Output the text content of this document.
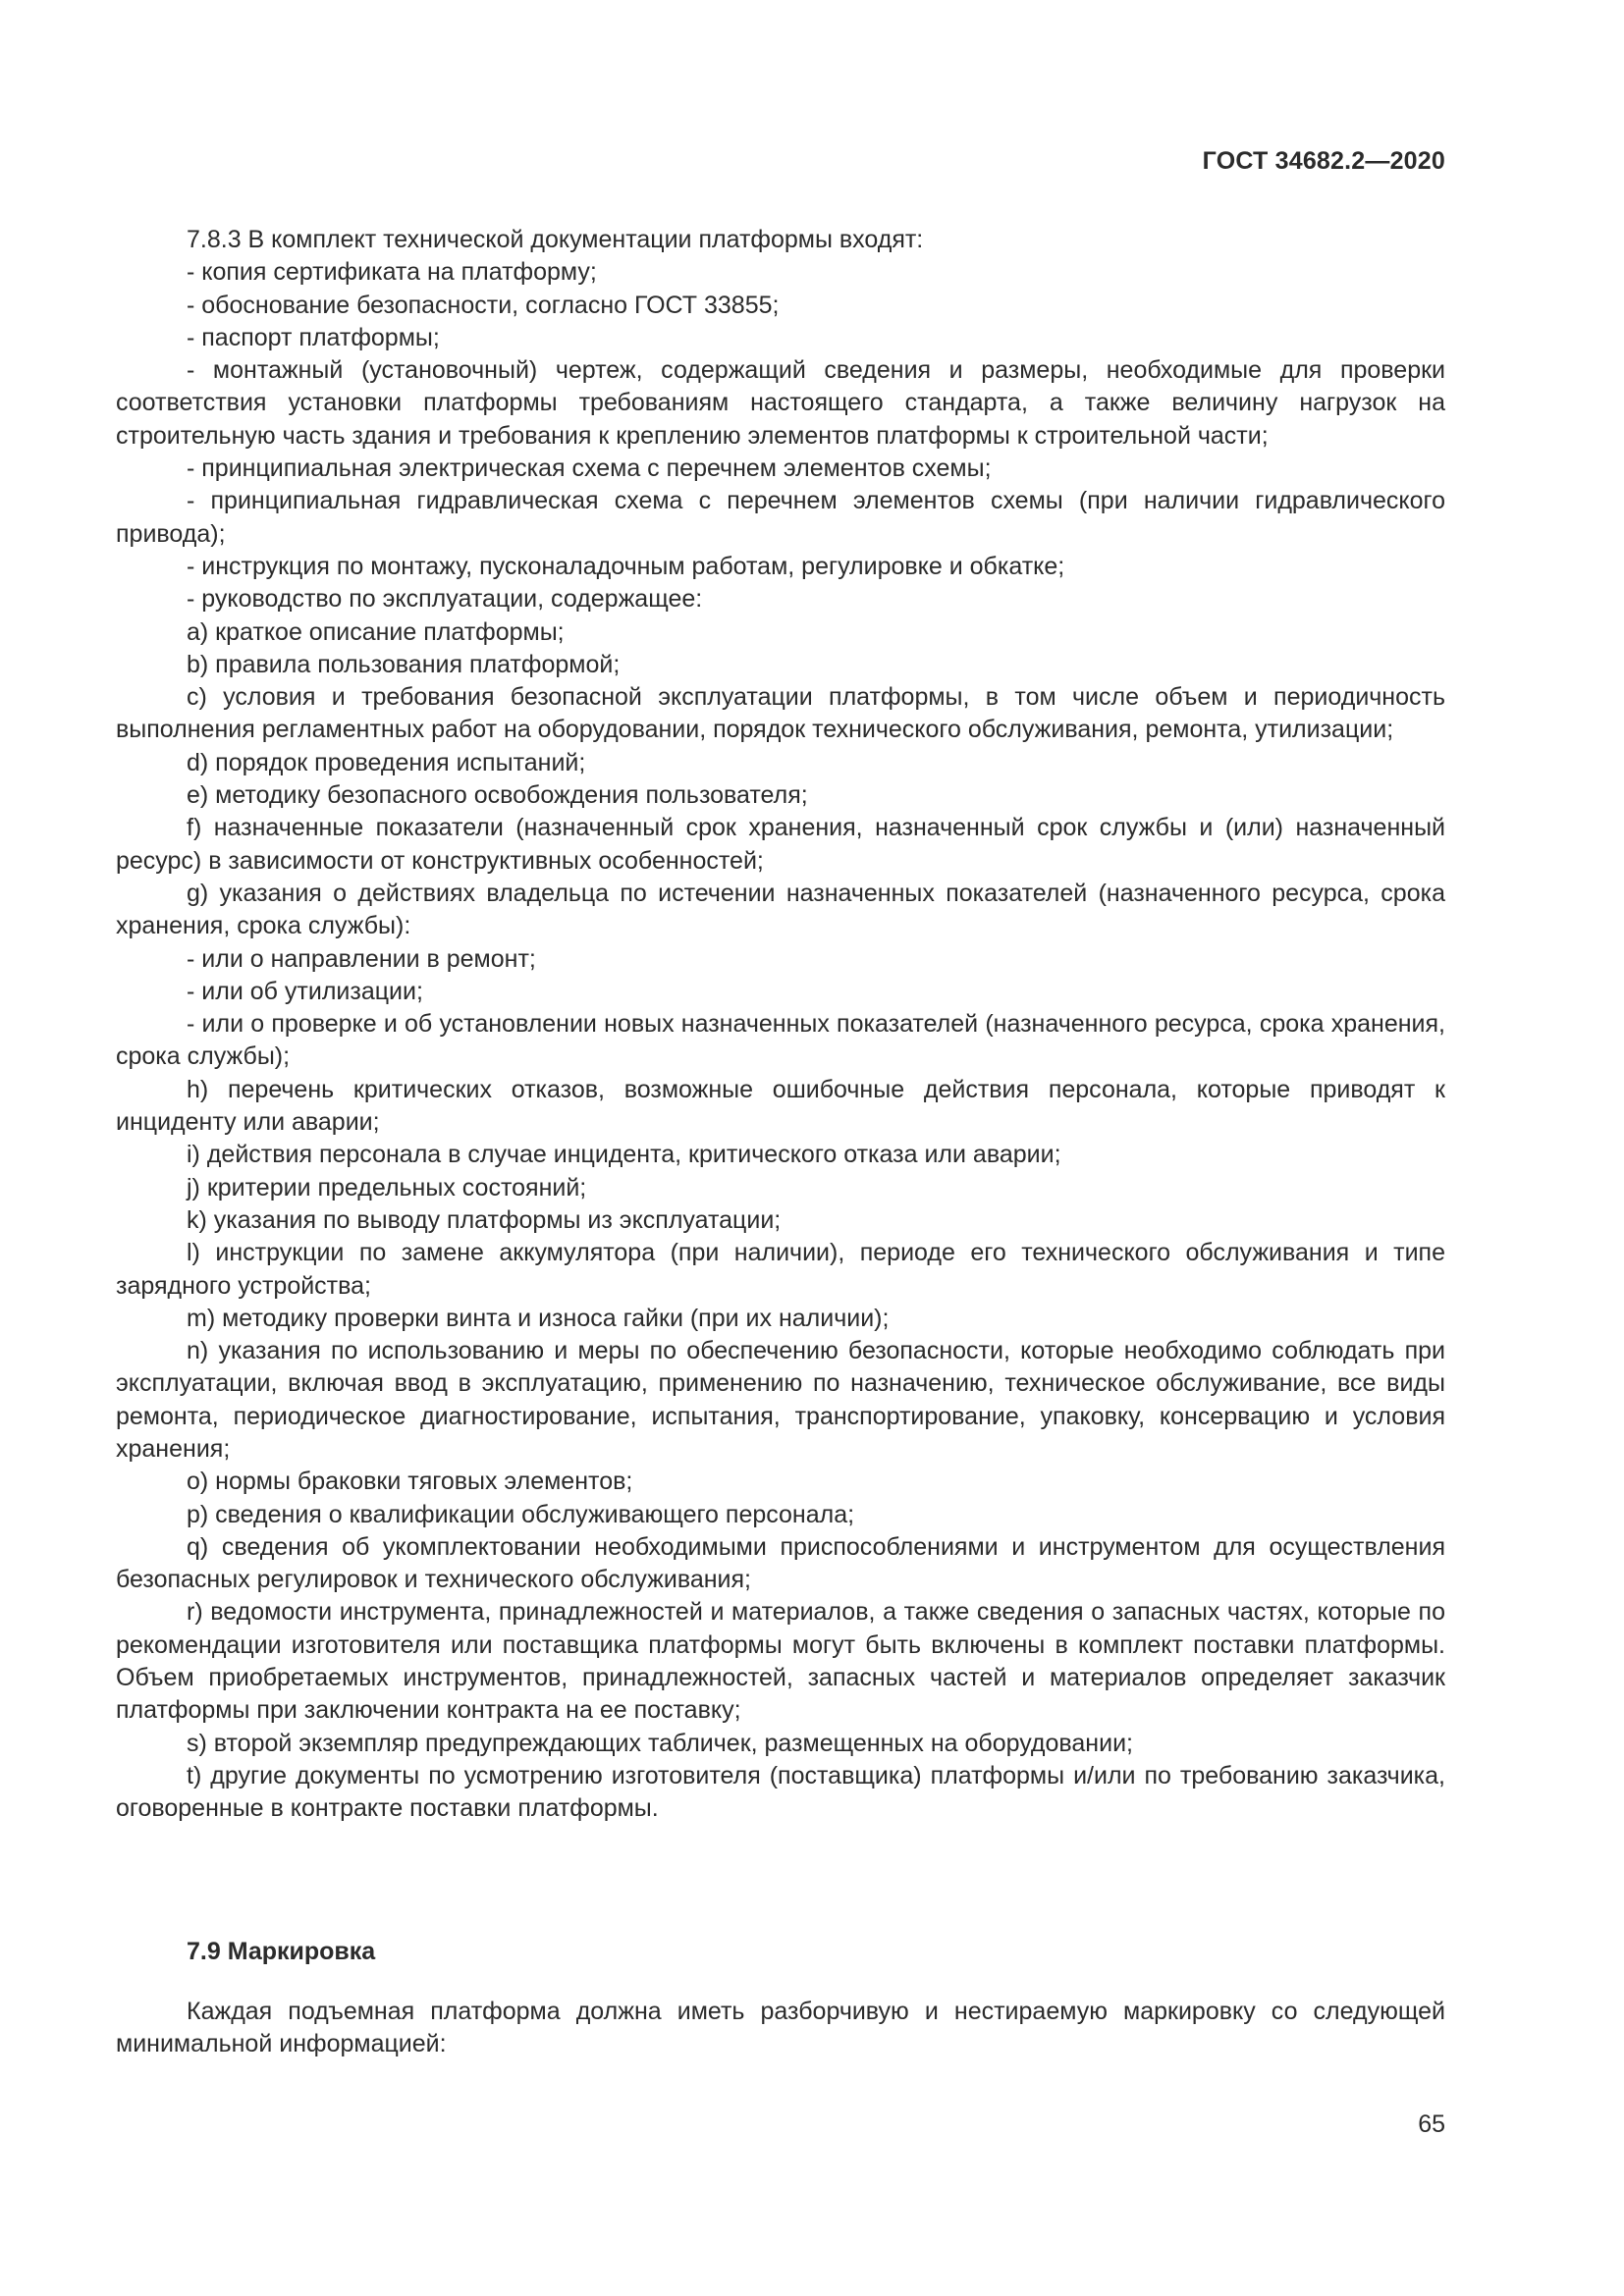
ГОСТ 34682.2—2020

7.8.3 В комплект технической документации платформы входят:

- копия сертификата на платформу;

- обоснование безопасности, согласно ГОСТ 33855;

- паспорт платформы;

- монтажный (установочный) чертеж, содержащий сведения и размеры, необходимые для проверки соответствия установки платформы требованиям настоящего стандарта, а также величину нагрузок на строительную часть здания и требования к креплению элементов платформы к строительной части;

- принципиальная электрическая схема с перечнем элементов схемы;

- принципиальная гидравлическая схема с перечнем элементов схемы (при наличии гидравлического привода);

- инструкция по монтажу, пусконаладочным работам, регулировке и обкатке;

- руководство по эксплуатации, содержащее:

a) краткое описание платформы;

b) правила пользования платформой;

c) условия и требования безопасной эксплуатации платформы, в том числе объем и периодичность выполнения регламентных работ на оборудовании, порядок технического обслуживания, ремонта, утилизации;

d) порядок проведения испытаний;

e) методику безопасного освобождения пользователя;

f) назначенные показатели (назначенный срок хранения, назначенный срок службы и (или) назначенный ресурс) в зависимости от конструктивных особенностей;

g) указания о действиях владельца по истечении назначенных показателей (назначенного ресурса, срока хранения, срока службы):

- или о направлении в ремонт;

- или об утилизации;

- или о проверке и об установлении новых назначенных показателей (назначенного ресурса, срока хранения, срока службы);

h) перечень критических отказов, возможные ошибочные действия персонала, которые приводят к инциденту или аварии;

i) действия персонала в случае инцидента, критического отказа или аварии;

j) критерии предельных состояний;

k) указания по выводу платформы из эксплуатации;

l) инструкции по замене аккумулятора (при наличии), периоде его технического обслуживания и типе зарядного устройства;

m) методику проверки винта и износа гайки (при их наличии);

n) указания по использованию и меры по обеспечению безопасности, которые необходимо соблюдать при эксплуатации, включая ввод в эксплуатацию, применению по назначению, техническое обслуживание, все виды ремонта, периодическое диагностирование, испытания, транспортирование, упаковку, консервацию и условия хранения;

o) нормы браковки тяговых элементов;

p) сведения о квалификации обслуживающего персонала;

q) сведения об укомплектовании необходимыми приспособлениями и инструментом для осуществления безопасных регулировок и технического обслуживания;

r) ведомости инструмента, принадлежностей и материалов, а также сведения о запасных частях, которые по рекомендации изготовителя или поставщика платформы могут быть включены в комплект поставки платформы. Объем приобретаемых инструментов, принадлежностей, запасных частей и материалов определяет заказчик платформы при заключении контракта на ее поставку;

s) второй экземпляр предупреждающих табличек, размещенных на оборудовании;

t) другие документы по усмотрению изготовителя (поставщика) платформы и/или по требованию заказчика, оговоренные в контракте поставки платформы.

7.9 Маркировка

Каждая подъемная платформа должна иметь разборчивую и нестираемую маркировку со следующей минимальной информацией:

65
